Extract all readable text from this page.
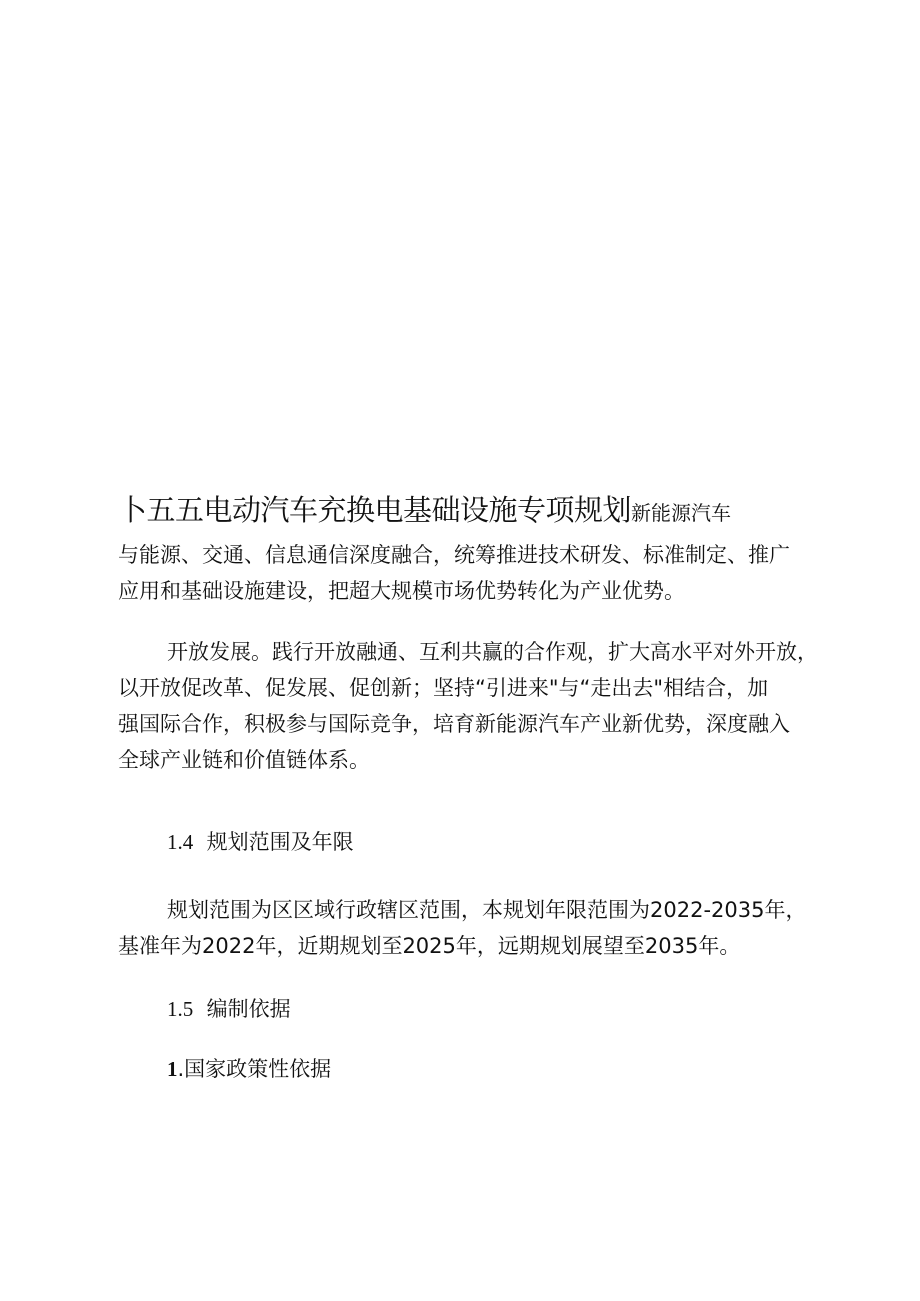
卜五五电动汽车充换电基础设施专项规划新能源汽车
与能源、交通、信息通信深度融合，统筹推进技术研发、标准制定、推广
应用和基础设施建设，把超大规模市场优势转化为产业优势。
开放发展。践行开放融通、互利共赢的合作观，扩大高水平对外开放，
以开放促改革、促发展、促创新；坚持“引进来"与“走出去"相结合，加
强国际合作，积极参与国际竞争，培育新能源汽车产业新优势，深度融入
全球产业链和价值链体系。
1.4 规划范围及年限
规划范围为区区域行政辖区范围，本规划年限范围为2022-2035年，
基准年为2022年，近期规划至2025年，远期规划展望至2035年。
1.5 编制依据
1.国家政策性依据
